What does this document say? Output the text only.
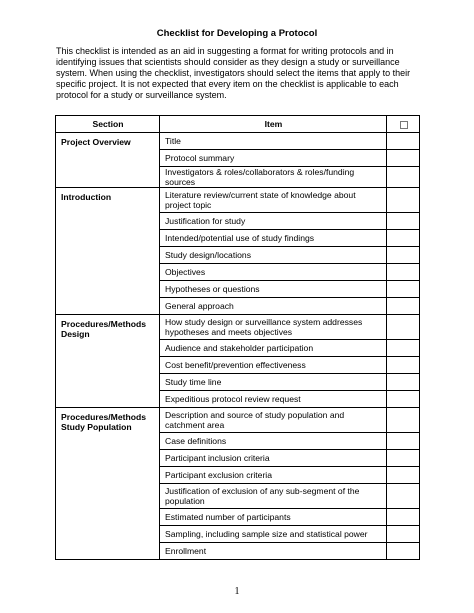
Checklist for Developing a Protocol
This checklist is intended as an aid in suggesting a format for writing protocols and in identifying issues that scientists should consider as they design a study or surveillance system. When using the checklist, investigators should select the items that apply to their specific project. It is not expected that every item on the checklist is applicable to each protocol for a study or surveillance system.
Section	Item	
Project Overview	Title	
	Protocol summary	
	Investigators & roles/collaborators & roles/funding sources	
Introduction	Literature review/current state of knowledge about project topic	
	Justification for study	
	Intended/potential use of study findings	
	Study design/locations	
	Objectives	
	Hypotheses or questions	
	General approach	
Procedures/Methods Design	How study design or surveillance system addresses hypotheses and meets objectives	
	Audience and stakeholder participation	
	Cost benefit/prevention effectiveness	
	Study time line	
	Expeditious protocol review request	
Procedures/Methods Study Population	Description and source of study population and catchment area	
	Case definitions	
	Participant inclusion criteria	
	Participant exclusion criteria	
	Justification of exclusion of any sub-segment of the population	
	Estimated number of participants	
	Sampling, including sample size and statistical power	
	Enrollment	
1
